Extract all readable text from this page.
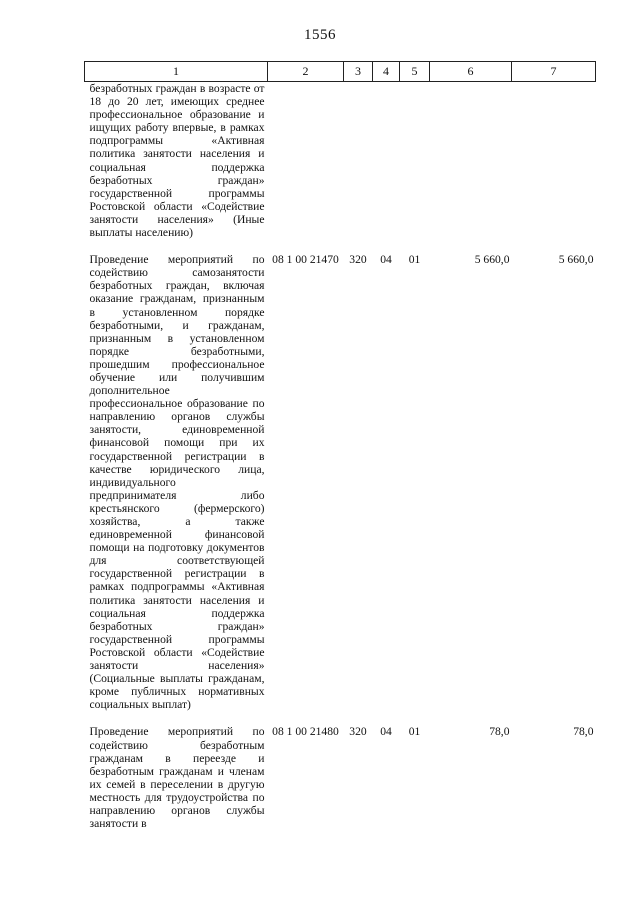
1556
1	2	3	4	5	6	7
безработных граждан в возрасте от 18 до 20 лет, имеющих среднее профессиональное образование и ищущих работу впервые, в рамках подпрограммы «Активная политика занятости населения и социальная поддержка безработных граждан» государственной программы Ростовской области «Содействие занятости населения» (Иные выплаты населению)						

Проведение мероприятий по содействию самозанятости безработных граждан, включая оказание гражданам, признанным в установленном порядке безработными, и гражданам, признанным в установленном порядке безработными, прошедшим профессиональное обучение или получившим дополнительное профессиональное образование по направлению органов службы занятости, единовременной финансовой помощи при их государственной регистрации в качестве юридического лица, индивидуального предпринимателя либо крестьянского (фермерского) хозяйства, а также единовременной финансовой помощи на подготовку документов для соответствующей государственной регистрации в рамках подпрограммы «Активная политика занятости населения и социальная поддержка безработных граждан» государственной программы Ростовской области «Содействие занятости населения» (Социальные выплаты гражданам, кроме публичных нормативных социальных выплат)	08 1 00 21470	320	04	01	5 660,0	5 660,0

Проведение мероприятий по содействию безработным гражданам в переезде и безработным гражданам и членам их семей в переселении в другую местность для трудоустройства по направлению органов службы занятости в	08 1 00 21480	320	04	01	78,0	78,0
